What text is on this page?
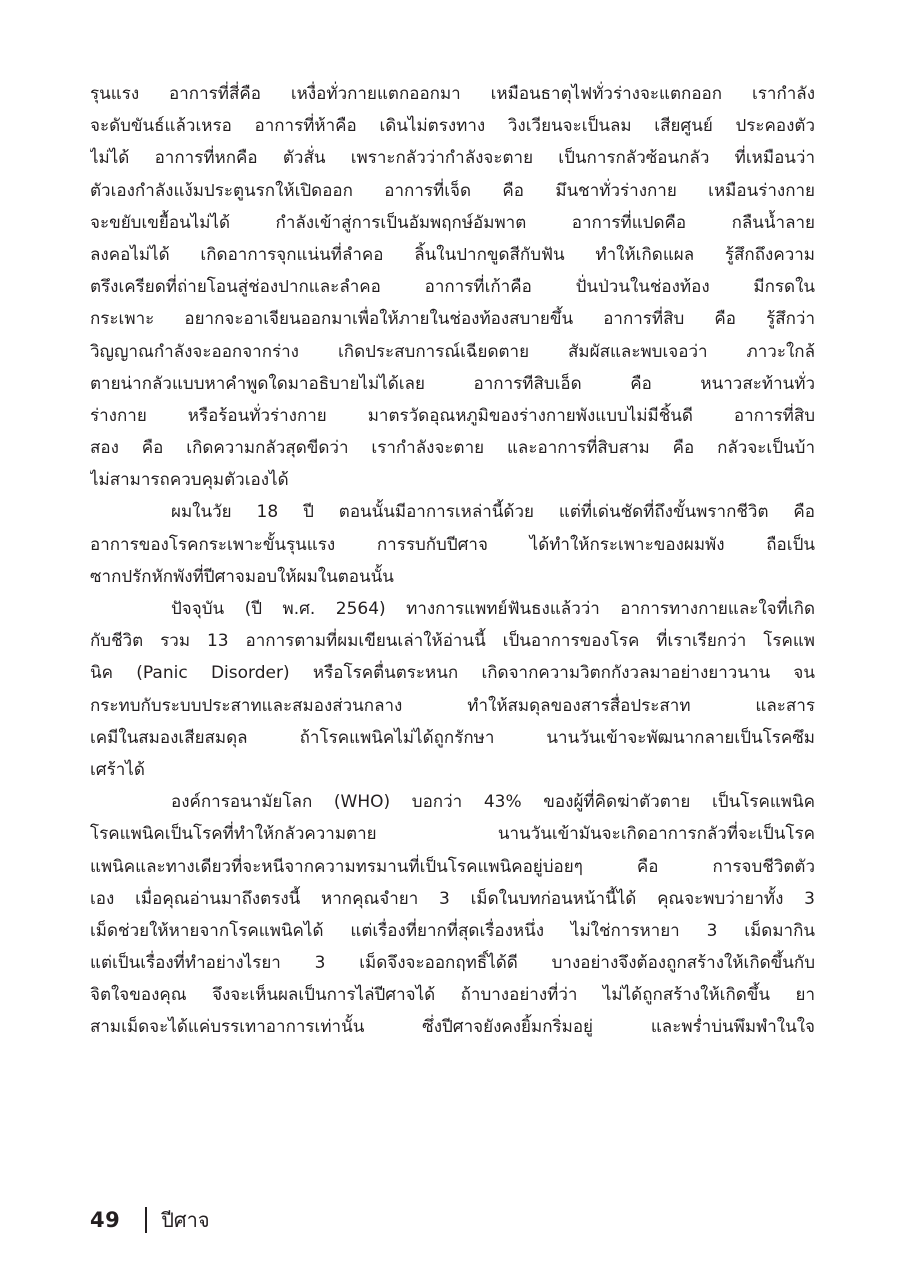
รุนแรง อาการที่สี่คือ เหงื่อทั่วกายแตกออกมา เหมือนธาตุไฟทั่วร่างจะแตกออก เรากำลัง
จะดับขันธ์แล้วเหรอ อาการที่ห้าคือ เดินไม่ตรงทาง วิงเวียนจะเป็นลม เสียศูนย์ ประคองตัว
ไม่ได้ อาการที่หกคือ ตัวสั่น เพราะกลัวว่ากำลังจะตาย เป็นการกลัวซ้อนกลัว ที่เหมือนว่า
ตัวเองกำลังแง้มประตูนรกให้เปิดออก อาการที่เจ็ด คือ มึนชาทั่วร่างกาย เหมือนร่างกาย
จะขยับเขยื้อนไม่ได้ กำลังเข้าสู่การเป็นอัมพฤกษ์อัมพาต อาการที่แปดคือ กลืนน้ำลาย
ลงคอไม่ได้ เกิดอาการจุกแน่นที่ลำคอ ลิ้นในปากขูดสีกับฟัน ทำให้เกิดแผล รู้สึกถึงความ
ตรึงเครียดที่ถ่ายโอนสู่ช่องปากและลำคอ อาการที่เก้าคือ ปั่นป่วนในช่องท้อง มีกรดใน
กระเพาะ อยากจะอาเจียนออกมาเพื่อให้ภายในช่องท้องสบายขึ้น อาการที่สิบ คือ รู้สึกว่า
วิญญาณกำลังจะออกจากร่าง เกิดประสบการณ์เฉียดตาย สัมผัสและพบเจอว่า ภาวะใกล้
ตายน่ากลัวแบบหาคำพูดใดมาอธิบายไม่ได้เลย อาการทีสิบเอ็ด คือ หนาวสะท้านทั่ว
ร่างกาย หรือร้อนทั่วร่างกาย มาตรวัดอุณหภูมิของร่างกายพังแบบไม่มีชิ้นดี อาการที่สิบ
สอง คือ เกิดความกลัวสุดขีดว่า เรากำลังจะตาย และอาการที่สิบสาม คือ กลัวจะเป็นบ้า
ไม่สามารถควบคุมตัวเองได้
ผมในวัย 18 ปี ตอนนั้นมีอาการเหล่านี้ด้วย แต่ที่เด่นชัดที่ถึงขั้นพรากชีวิต คือ
อาการของโรคกระเพาะขั้นรุนแรง การรบกับปีศาจ ได้ทำให้กระเพาะของผมพัง ถือเป็น
ซากปรักหักพังที่ปีศาจมอบให้ผมในตอนนั้น
ปัจจุบัน (ปี พ.ศ. 2564) ทางการแพทย์ฟันธงแล้วว่า อาการทางกายและใจที่เกิด
กับชีวิต รวม 13 อาการตามที่ผมเขียนเล่าให้อ่านนี้ เป็นอาการของโรค ที่เราเรียกว่า โรคแพ
นิค (Panic Disorder) หรือโรคตื่นตระหนก เกิดจากความวิตกกังวลมาอย่างยาวนาน จน
กระทบกับระบบประสาทและสมองส่วนกลาง ทำให้สมดุลของสารสื่อประสาท และสาร
เคมีในสมองเสียสมดุล ถ้าโรคแพนิคไม่ได้ถูกรักษา นานวันเข้าจะพัฒนากลายเป็นโรคซึม
เศร้าได้
องค์การอนามัยโลก (WHO) บอกว่า 43% ของผู้ที่คิดฆ่าตัวตาย เป็นโรคแพนิค
โรคแพนิคเป็นโรคที่ทำให้กลัวความตาย นานวันเข้ามันจะเกิดอาการกลัวที่จะเป็นโรค
แพนิคและทางเดียวที่จะหนีจากความทรมานที่เป็นโรคแพนิคอยู่บ่อยๆ คือ การจบชีวิตตัว
เอง เมื่อคุณอ่านมาถึงตรงนี้ หากคุณจำยา 3 เม็ดในบทก่อนหน้านี้ได้ คุณจะพบว่ายาทั้ง 3
เม็ดช่วยให้หายจากโรคแพนิคได้ แต่เรื่องที่ยากที่สุดเรื่องหนึ่ง ไม่ใช่การหายา 3 เม็ดมากิน
แต่เป็นเรื่องที่ทำอย่างไรยา 3 เม็ดจึงจะออกฤทธิ์ได้ดี บางอย่างจึงต้องถูกสร้างให้เกิดขึ้นกับ
จิตใจของคุณ จึงจะเห็นผลเป็นการไล่ปีศาจได้ ถ้าบางอย่างที่ว่า ไม่ได้ถูกสร้างให้เกิดขึ้น ยา
สามเม็ดจะได้แค่บรรเทาอาการเท่านั้น ซึ่งปีศาจยังคงยิ้มกริ่มอยู่ และพร่ำบ่นพึมพำในใจ
49 ปีศาจ
